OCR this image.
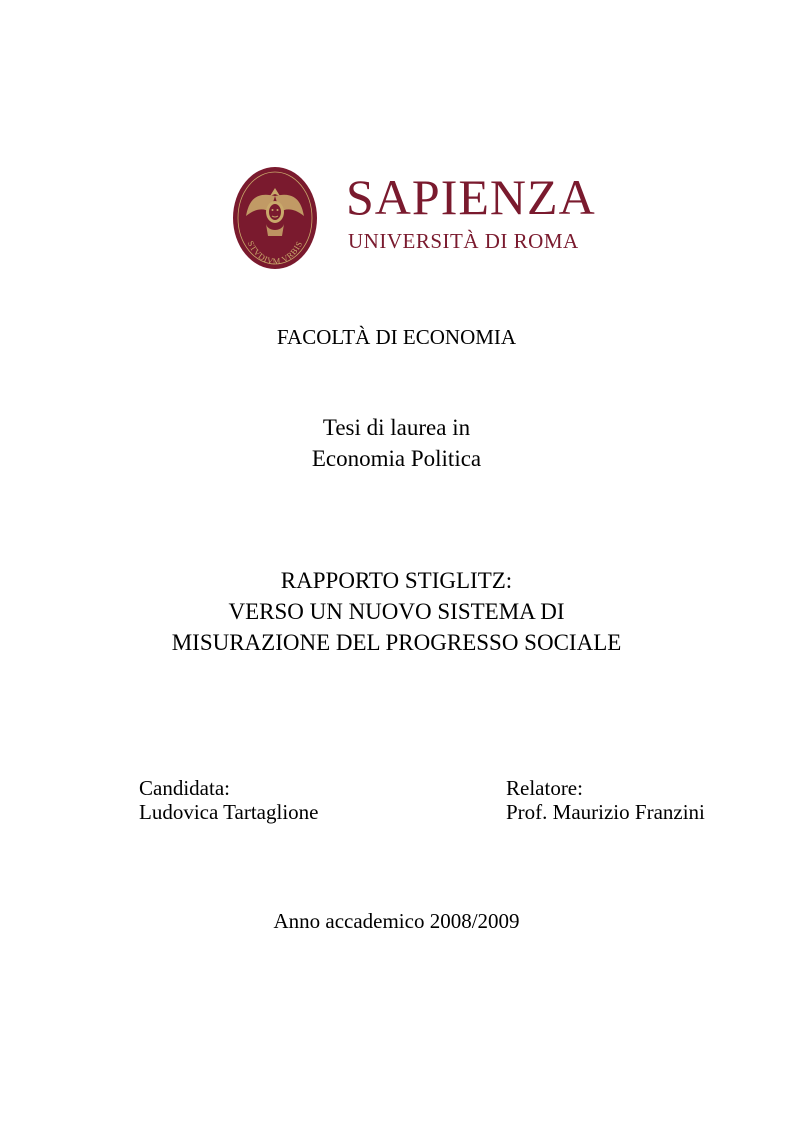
STVDIVM VRBIS
SAPIENZA
UNIVERSITÀ DI ROMA
FACOLTÀ DI ECONOMIA
Tesi di laurea in
Economia Politica
RAPPORTO STIGLITZ:
VERSO UN NUOVO SISTEMA DI
MISURAZIONE DEL PROGRESSO SOCIALE
Candidata:
Ludovica Tartaglione
Relatore:
Prof. Maurizio Franzini
Anno accademico 2008/2009
